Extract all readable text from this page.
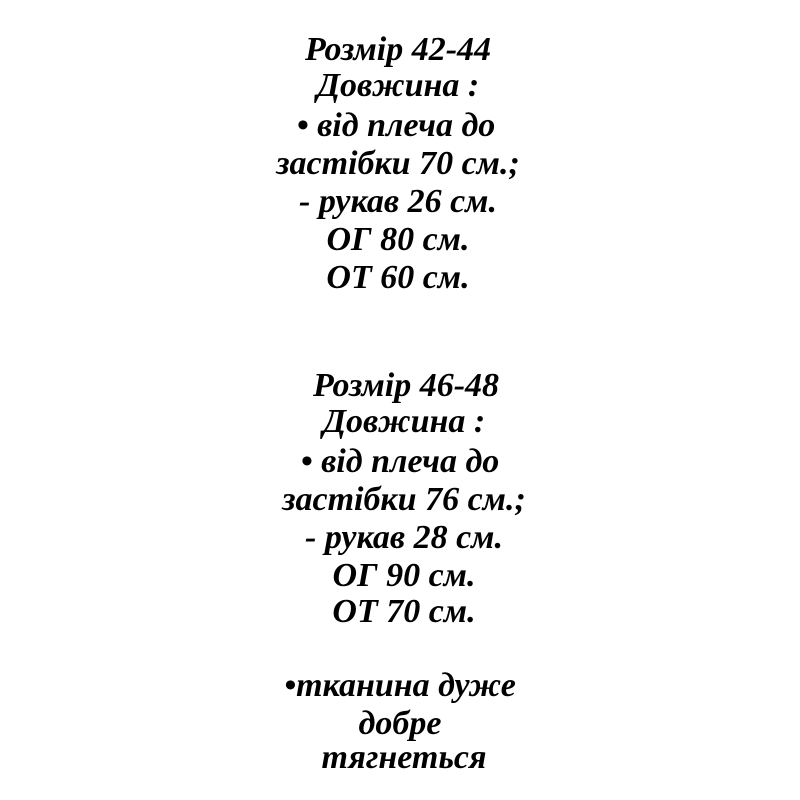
Розмір 42-44
Довжина :
• від плеча до
застібки 70 см.;
- рукав 26 см.
ОГ 80 см.
ОТ 60 см.
Розмір 46-48
Довжина :
• від плеча до
застібки 76 см.;
- рукав 28 см.
ОГ 90 см.
ОТ 70 см.
•тканина дуже
добре
тягнеться
